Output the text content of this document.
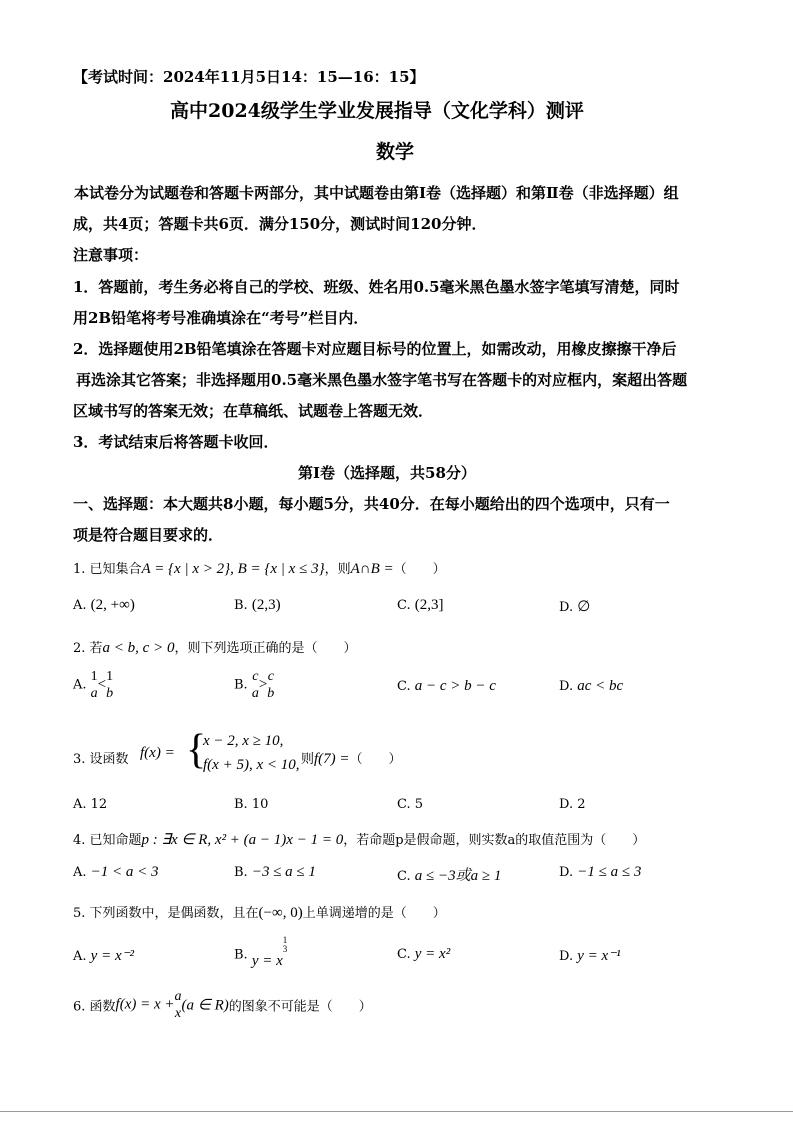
【考试时间：2024年11月5日14：15—16：15】
高中2024级学生学业发展指导（文化学科）测评
数学
本试卷分为试题卷和答题卡两部分，其中试题卷由第Ⅰ卷（选择题）和第Ⅱ卷（非选择题）组
成，共4页；答题卡共6页．满分150分，测试时间120分钟．
注意事项：
1．答题前，考生务必将自己的学校、班级、姓名用0.5毫米黑色墨水签字笔填写清楚，同时
用2B铅笔将考号准确填涂在“考号”栏目内．
2．选择题使用2B铅笔填涂在答题卡对应题目标号的位置上，如需改动，用橡皮擦擦干净后
再选涂其它答案；非选择题用0.5毫米黑色墨水签字笔书写在答题卡的对应框内，案超出答题
区域书写的答案无效；在草稿纸、试题卷上答题无效．
3．考试结束后将答题卡收回．
第Ⅰ卷（选择题，共58分）
一、选择题：本大题共8小题，每小题5分，共40分．在每小题给出的四个选项中，只有一
项是符合题目要求的．
1. 已知集合A = {x | x > 2}, B = {x | x ≤ 3}，则A∩B =（　　）
A. (2, +∞)	B. (2,3)	C. (2,3]	D. ∅
2. 若a < b, c > 0，则下列选项正确的是（　　）
A.
1
a
< 1
b
B.
c
a
> c
b	C. a − c > b − c	D. ac < bc
3. 设函数 f(x) = {
x − 2, x ≥ 10,
f(x + 5), x < 10, 则f(7) =（　　）
A. 12	B. 10	C. 5	D. 2
4. 已知命题p : ∃x ∈ R, x² + (a − 1)x − 1 = 0，若命题p是假命题，则实数a的取值范围为（　　）
A. −1 < a < 3	B. −3 ≤ a ≤ 1	C. a ≤ −3或a ≥ 1	D. −1 ≤ a ≤ 3
5. 下列函数中，是偶函数，且在(−∞, 0)上单调递增的是（　　）
A. y = x⁻²	B. y = x
1
3	C. y = x²	D. y = x⁻¹
6. 函数f(x) = x + a
x (a ∈ R)的图象不可能是（　　）
